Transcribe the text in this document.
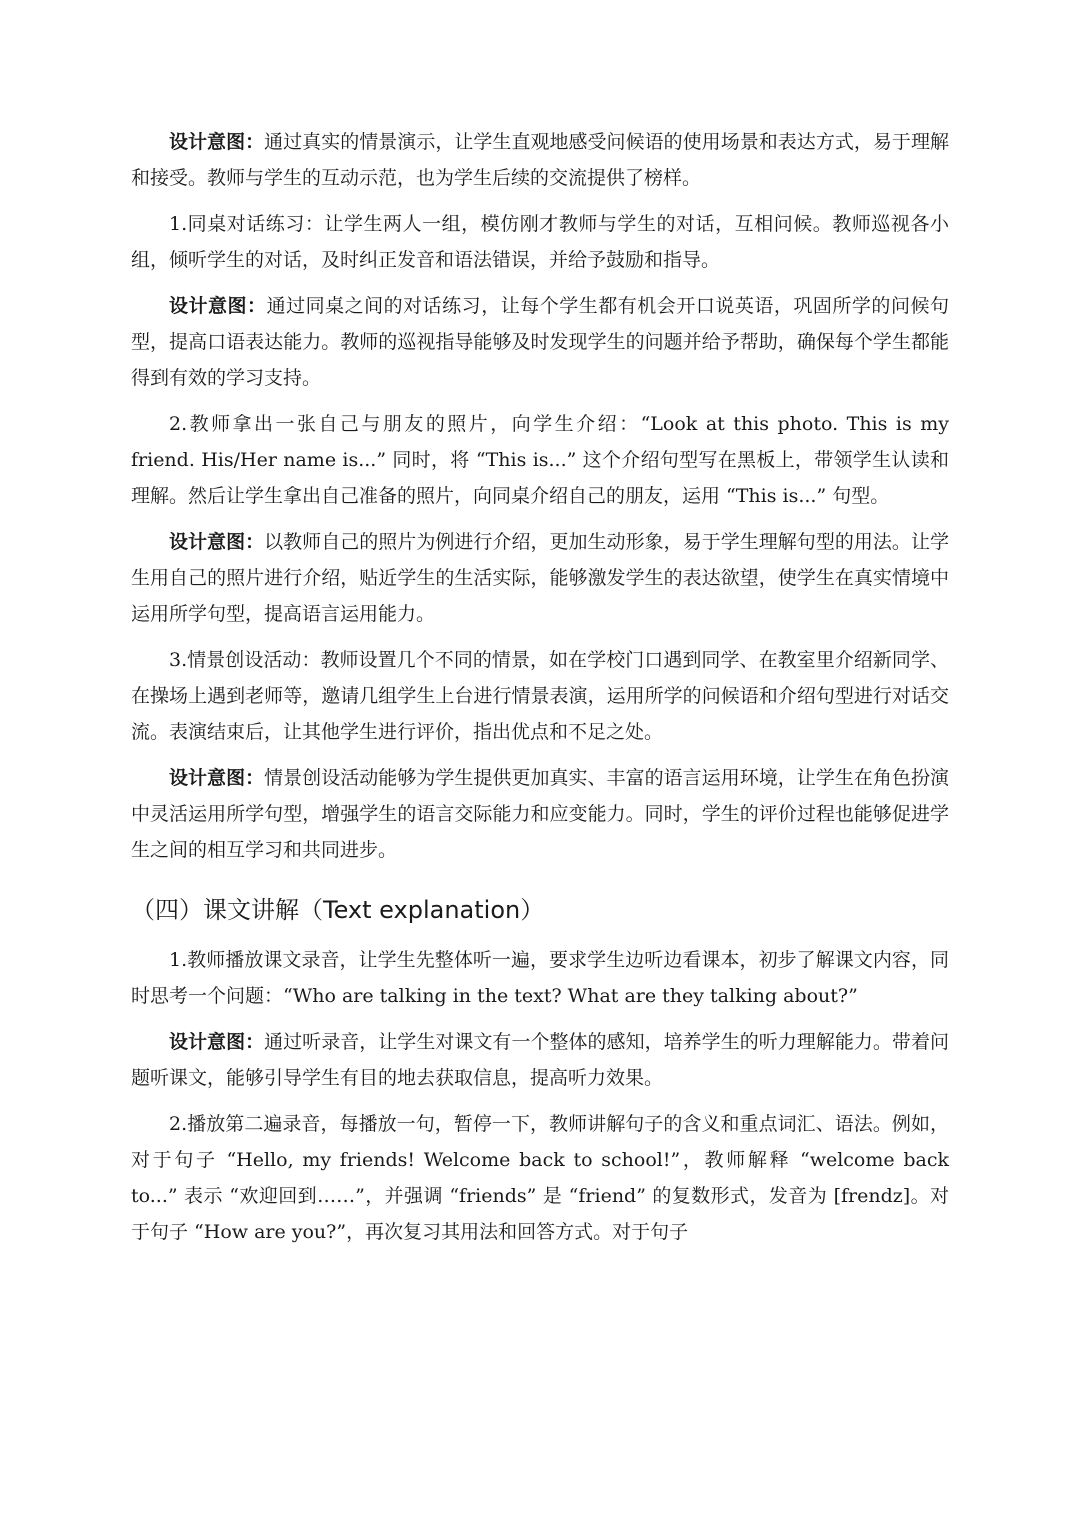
设计意图：通过真实的情景演示，让学生直观地感受问候语的使用场景和表达方式，易于理解和接受。教师与学生的互动示范，也为学生后续的交流提供了榜样。

1.同桌对话练习：让学生两人一组，模仿刚才教师与学生的对话，互相问候。教师巡视各小组，倾听学生的对话，及时纠正发音和语法错误，并给予鼓励和指导。

设计意图：通过同桌之间的对话练习，让每个学生都有机会开口说英语，巩固所学的问候句型，提高口语表达能力。教师的巡视指导能够及时发现学生的问题并给予帮助，确保每个学生都能得到有效的学习支持。

2.教师拿出一张自己与朋友的照片，向学生介绍：“Look at this photo. This is my friend. His/Her name is...” 同时，将 “This is...” 这个介绍句型写在黑板上，带领学生认读和理解。然后让学生拿出自己准备的照片，向同桌介绍自己的朋友，运用 “This is...” 句型。

设计意图：以教师自己的照片为例进行介绍，更加生动形象，易于学生理解句型的用法。让学生用自己的照片进行介绍，贴近学生的生活实际，能够激发学生的表达欲望，使学生在真实情境中运用所学句型，提高语言运用能力。

3.情景创设活动：教师设置几个不同的情景，如在学校门口遇到同学、在教室里介绍新同学、在操场上遇到老师等，邀请几组学生上台进行情景表演，运用所学的问候语和介绍句型进行对话交流。表演结束后，让其他学生进行评价，指出优点和不足之处。

设计意图：情景创设活动能够为学生提供更加真实、丰富的语言运用环境，让学生在角色扮演中灵活运用所学句型，增强学生的语言交际能力和应变能力。同时，学生的评价过程也能够促进学生之间的相互学习和共同进步。

（四）课文讲解（Text explanation）

1.教师播放课文录音，让学生先整体听一遍，要求学生边听边看课本，初步了解课文内容，同时思考一个问题：“Who are talking in the text? What are they talking about?”

设计意图：通过听录音，让学生对课文有一个整体的感知，培养学生的听力理解能力。带着问题听课文，能够引导学生有目的地去获取信息，提高听力效果。

2.播放第二遍录音，每播放一句，暂停一下，教师讲解句子的含义和重点词汇、语法。例如，对于句子 “Hello, my friends! Welcome back to school!”，教师解释 “welcome back to...” 表示 “欢迎回到……”，并强调 “friends” 是 “friend” 的复数形式，发音为 [frendz]。对于句子 “How are you?”，再次复习其用法和回答方式。对于句子
